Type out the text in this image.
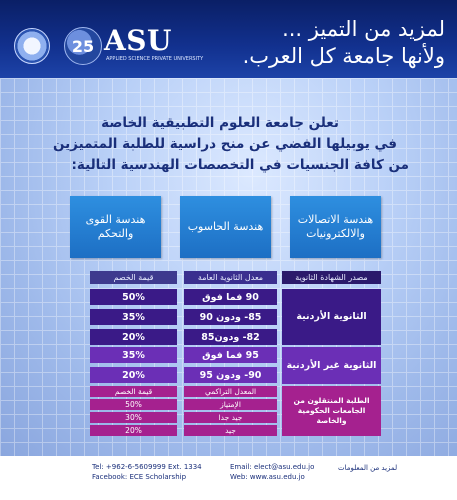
25 ASU
APPLIED SCIENCE PRIVATE UNIVERSITY
لمزيد من التميز ...
ولأنها جامعة كل العرب.
تعلن جامعة العلوم التطبيقية الخاصة
في يوبيلها الفضي عن منح دراسية للطلبة المتميزين
من كافة الجنسيات في التخصصات الهندسية التالية:
هندسة الاتصالات والالكترونيات
هندسة الحاسوب
هندسة القوى والتحكم
مصدر الشهادة الثانوية
معدل الثانوية العامة
قيمة الخصم
الثانوية الأردنية
90 فما فوق
50%
85- ودون 90
35%
82- ودون85
20%
الثانوية غير الأردنية
95 فما فوق
35%
90- ودون 95
20%
الطلبة المنتقلون من الجامعات الحكومية والخاصة
المعدل التراكمي
قيمة الخصم
الإمتياز
50%
جيد جدا
30%
جيد
20%
Tel: +962-6-5609999 Ext. 1334
Facebook: ECE Scholarship
Email: elect@asu.edu.jo
Web: www.asu.edu.jo
لمزيد من المعلومات
